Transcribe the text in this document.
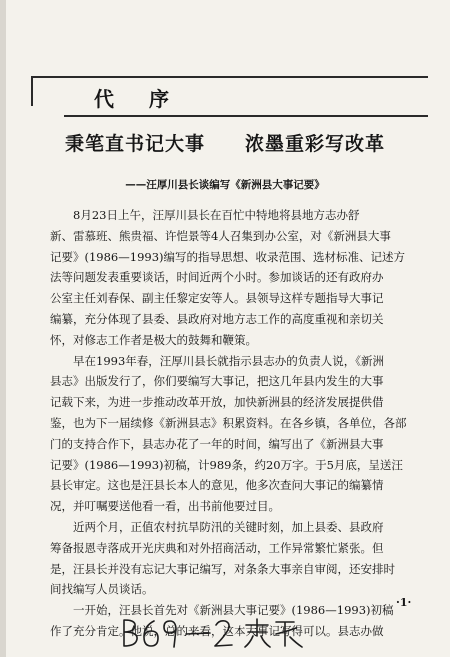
代 序
秉笔直书记大事　　浓墨重彩写改革
——汪厚川县长谈编写《新洲县大事记要》

8月23日上午，汪厚川县长在百忙中特地将县地方志办舒
新、雷慕班、熊贵福、许恺景等4人召集到办公室，对《新洲县大事
记要》(1986—1993)编写的指导思想、收录范围、选材标准、记述方
法等问题发表重要谈话，时间近两个小时。参加谈话的还有政府办
公室主任刘春保、副主任黎定安等人。县领导这样专题指导大事记
编纂，充分体现了县委、县政府对地方志工作的高度重视和亲切关
怀，对修志工作者是极大的鼓舞和鞭策。
早在1993年春，汪厚川县长就指示县志办的负责人说，《新洲
县志》出版发行了，你们要编写大事记，把这几年县内发生的大事
记载下来，为进一步推动改革开放，加快新洲县的经济发展提供借
鉴，也为下一届续修《新洲县志》积累资料。在各乡镇，各单位，各部
门的支持合作下，县志办花了一年的时间，编写出了《新洲县大事
记要》(1986—1993)初稿，计989条，约20万字。于5月底，呈送汪
县长审定。这也是汪县长本人的意见，他多次查问大事记的编纂情
况，并叮嘱要送他看一看，出书前他要过目。
近两个月，正值农村抗旱防汛的关键时刻，加上县委、县政府
筹备报恩寺落成开光庆典和对外招商活动，工作异常繁忙紧张。但
是，汪县长并没有忘记大事记编写，对条条大事亲自审阅，还安排时
间找编写人员谈话。
一开始，汪县长首先对《新洲县大事记要》(1986—1993)初稿
作了充分肯定。他说，总的来看，这本大事记写得可以。县志办做

·1·
